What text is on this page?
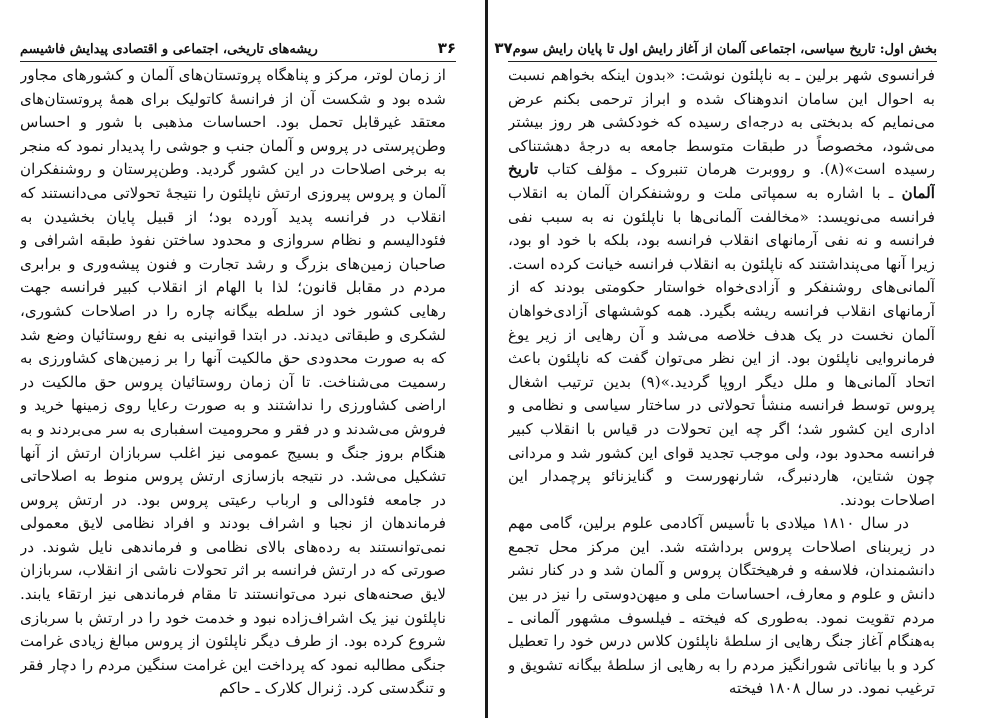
۳۶
ریشه‌های تاریخی، اجتماعی و اقتصادی پیدایش فاشیسم

از زمان لوتر، مرکز و پناهگاه پروتستان‌های آلمان و کشورهای مجاور شده بود و شکست آن از فرانسهٔ کاتولیک برای همهٔ پروتستان‌های معتقد غیرقابل تحمل بود. احساسات مذهبی با شور و احساس وطن‌پرستی در پروس و آلمان جنب و جوشی را پدیدار نمود که منجر به برخی اصلاحات در این کشور گردید. وطن‌پرستان و روشنفکران آلمان و پروس پیروزی ارتش ناپلئون را نتیجهٔ تحولاتی می‌دانستند که انقلاب در فرانسه پدید آورده بود؛ از قبیل پایان بخشیدن به فئودالیسم و نظام سروازی و محدود ساختن نفوذ طبقه اشرافی و صاحبان زمین‌های بزرگ و رشد تجارت و فنون پیشه‌وری و برابری مردم در مقابل قانون؛ لذا با الهام از انقلاب کبیر فرانسه جهت رهایی کشور خود از سلطه بیگانه چاره را در اصلاحات کشوری، لشکری و طبقاتی دیدند. در ابتدا قوانینی به نفع روستائیان وضع شد که به صورت محدودی حق مالکیت آنها را بر زمین‌های کشاورزی به رسمیت می‌شناخت. تا آن زمان روستائیان پروس حق مالکیت در اراضی کشاورزی را نداشتند و به صورت رعایا روی زمینها خرید و فروش می‌شدند و در فقر و محرومیت اسفباری به سر می‌بردند و به هنگام بروز جنگ و بسیج عمومی نیز اغلب سربازان ارتش از آنها تشکیل می‌شد. در نتیجه بازسازی ارتش پروس منوط به اصلاحاتی در جامعه فئودالی و ارباب رعیتی پروس بود. در ارتش پروس فرماندهان از نجبا و اشراف بودند و افراد نظامی لایق معمولی نمی‌توانستند به رده‌های بالای نظامی و فرماندهی نایل شوند. در صورتی که در ارتش فرانسه بر اثر تحولات ناشی از انقلاب، سربازان لایق صحنه‌های نبرد می‌توانستند تا مقام فرماندهی نیز ارتقاء یابند. ناپلئون نیز یک اشراف‌زاده نبود و خدمت خود را در ارتش با سربازی شروع کرده بود. از طرف دیگر ناپلئون از پروس مبالغ زیادی غرامت جنگی مطالبه نمود که پرداخت این غرامت سنگین مردم را دچار فقر و تنگدستی کرد. ژنرال کلارک ـ حاکم

بخش اول: تاریخ سیاسی، اجتماعی آلمان از آغاز رایش اول تا پایان رایش سوم
۳۷

فرانسوی شهر برلین ـ به ناپلئون نوشت: «بدون اینکه بخواهم نسبت به احوال این سامان اندوهناک شده و ابراز ترحمی بکنم عرض می‌نمایم که بدبختی به درجه‌ای رسیده که خودکشی هر روز بیشتر می‌شود، مخصوصاً در طبقات متوسط جامعه به درجهٔ دهشتناکی رسیده است»(۸). و رووبرت هرمان تنبروک ـ مؤلف کتاب تاریخ آلمان ـ با اشاره به سمپاتی ملت و روشنفکران آلمان به انقلاب فرانسه می‌نویسد: «مخالفت آلمانی‌ها با ناپلئون نه به سبب نفی فرانسه و نه نفی آرمانهای انقلاب فرانسه بود، بلکه با خود او بود، زیرا آنها می‌پنداشتند که ناپلئون به انقلاب فرانسه خیانت کرده است. آلمانی‌های روشنفکر و آزادی‌خواه خواستار حکومتی بودند که از آرمانهای انقلاب فرانسه ریشه بگیرد. همه کوششهای آزادی‌خواهان آلمان نخست در یک هدف خلاصه می‌شد و آن رهایی از زیر یوغ فرمانروایی ناپلئون بود. از این نظر می‌توان گفت که ناپلئون باعث اتحاد آلمانی‌ها و ملل دیگر اروپا گردید.»(۹) بدین ترتیب اشغال پروس توسط فرانسه منشأ تحولاتی در ساختار سیاسی و نظامی و اداری این کشور شد؛ اگر چه این تحولات در قیاس با انقلاب کبیر فرانسه محدود بود، ولی موجب تجدید قوای این کشور شد و مردانی چون شتاین، هاردنبرگ، شارنهورست و گنایزنائو پرچمدار این اصلاحات بودند.

در سال ۱۸۱۰ میلادی با تأسیس آکادمی علوم برلین، گامی مهم در زیربنای اصلاحات پروس برداشته شد. این مرکز محل تجمع دانشمندان، فلاسفه و فرهیختگان پروس و آلمان شد و در کنار نشر دانش و علوم و معارف، احساسات ملی و میهن‌دوستی را نیز در بین مردم تقویت نمود. به‌طوری که فیخته ـ فیلسوف مشهور آلمانی ـ به‌هنگام آغاز جنگ رهایی از سلطهٔ ناپلئون کلاس درس خود را تعطیل کرد و با بیاناتی شورانگیز مردم را به رهایی از سلطهٔ بیگانه تشویق و ترغیب نمود. در سال ۱۸۰۸ فیخته
